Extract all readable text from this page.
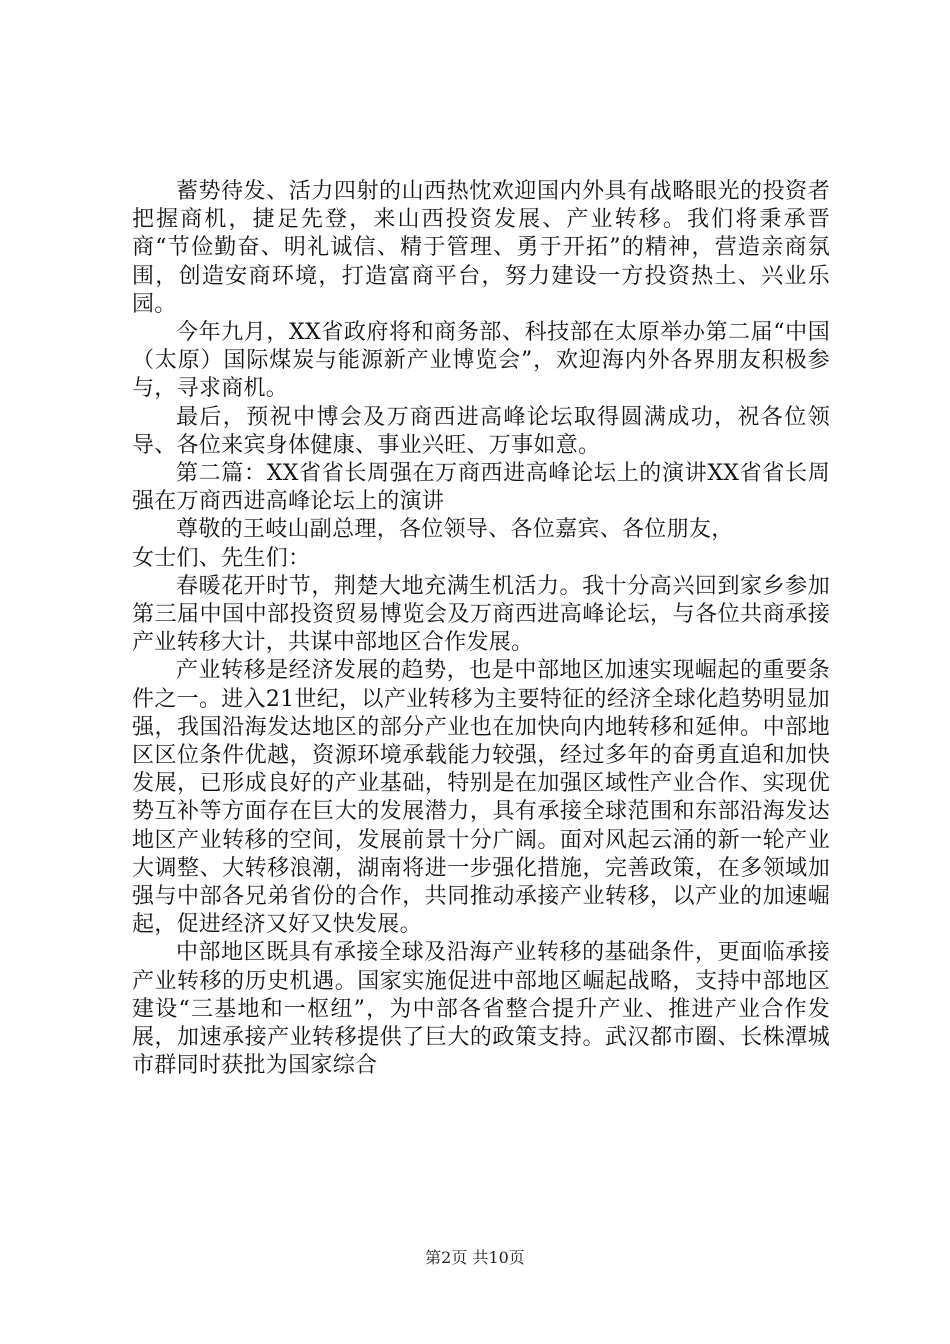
蓄势待发、活力四射的山西热忱欢迎国内外具有战略眼光的投资者把握商机，捷足先登，来山西投资发展、产业转移。我们将秉承晋商“节俭勤奋、明礼诚信、精于管理、勇于开拓”的精神，营造亲商氛围，创造安商环境，打造富商平台，努力建设一方投资热土、兴业乐园。

今年九月，XX省政府将和商务部、科技部在太原举办第二届“中国（太原）国际煤炭与能源新产业博览会”，欢迎海内外各界朋友积极参与，寻求商机。

最后，预祝中博会及万商西进高峰论坛取得圆满成功，祝各位领导、各位来宾身体健康、事业兴旺、万事如意。

第二篇：XX省省长周强在万商西进高峰论坛上的演讲XX省省长周强在万商西进高峰论坛上的演讲

尊敬的王岐山副总理，各位领导、各位嘉宾、各位朋友，

女士们、先生们：

春暖花开时节，荆楚大地充满生机活力。我十分高兴回到家乡参加第三届中国中部投资贸易博览会及万商西进高峰论坛，与各位共商承接产业转移大计，共谋中部地区合作发展。

产业转移是经济发展的趋势，也是中部地区加速实现崛起的重要条件之一。进入21世纪，以产业转移为主要特征的经济全球化趋势明显加强，我国沿海发达地区的部分产业也在加快向内地转移和延伸。中部地区区位条件优越，资源环境承载能力较强，经过多年的奋勇直追和加快发展，已形成良好的产业基础，特别是在加强区域性产业合作、实现优势互补等方面存在巨大的发展潜力，具有承接全球范围和东部沿海发达地区产业转移的空间，发展前景十分广阔。面对风起云涌的新一轮产业大调整、大转移浪潮，湖南将进一步强化措施，完善政策，在多领域加强与中部各兄弟省份的合作，共同推动承接产业转移，以产业的加速崛起，促进经济又好又快发展。

中部地区既具有承接全球及沿海产业转移的基础条件，更面临承接产业转移的历史机遇。国家实施促进中部地区崛起战略，支持中部地区建设“三基地和一枢纽”，为中部各省整合提升产业、推进产业合作发展，加速承接产业转移提供了巨大的政策支持。武汉都市圈、长株潭城市群同时获批为国家综合

第2页 共10页
